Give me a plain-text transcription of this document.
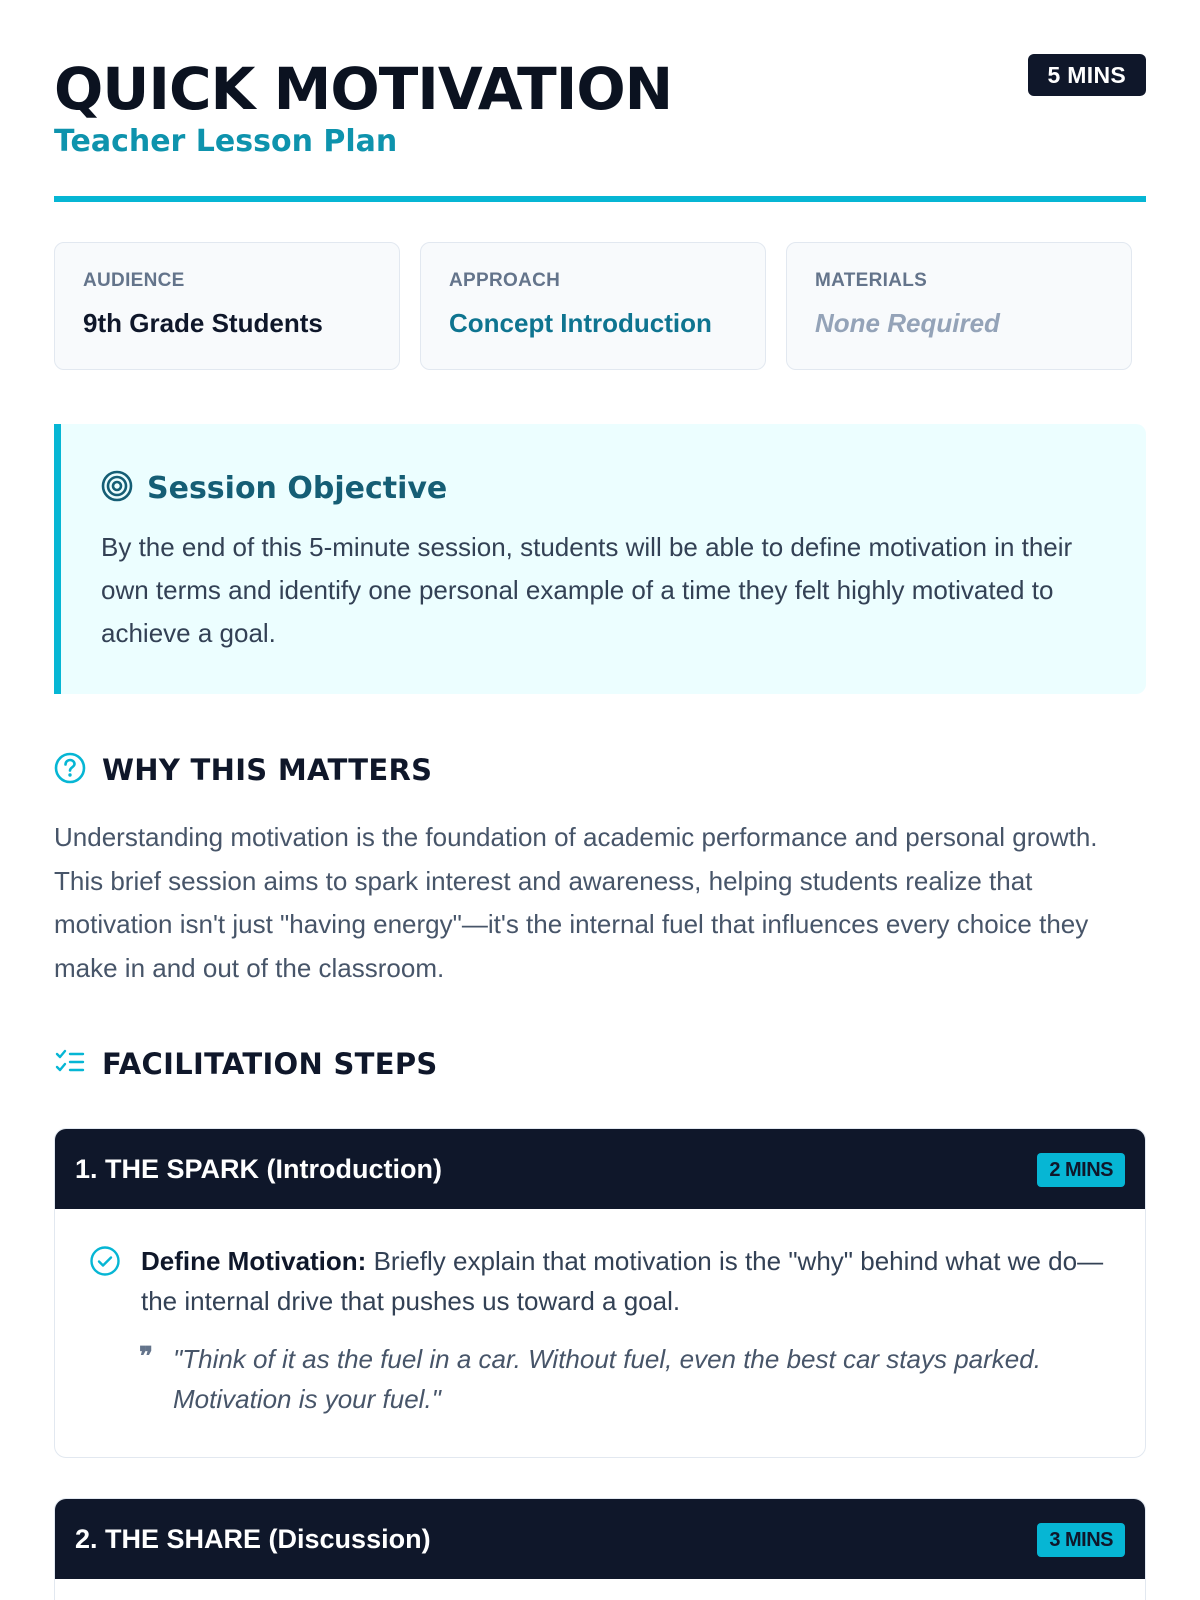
QUICK MOTIVATION
Teacher Lesson Plan
5 MINS
AUDIENCE
9th Grade Students
APPROACH
Concept Introduction
MATERIALS
None Required
Session Objective
By the end of this 5-minute session, students will be able to define motivation in their own terms and identify one personal example of a time they felt highly motivated to achieve a goal.
WHY THIS MATTERS
Understanding motivation is the foundation of academic performance and personal growth. This brief session aims to spark interest and awareness, helping students realize that motivation isn't just "having energy"—it's the internal fuel that influences every choice they make in and out of the classroom.
FACILITATION STEPS
1. THE SPARK (Introduction)	2 MINS
Define Motivation: Briefly explain that motivation is the "why" behind what we do—the internal drive that pushes us toward a goal.
❞ "Think of it as the fuel in a car. Without fuel, even the best car stays parked. Motivation is your fuel."
2. THE SHARE (Discussion)	3 MINS
